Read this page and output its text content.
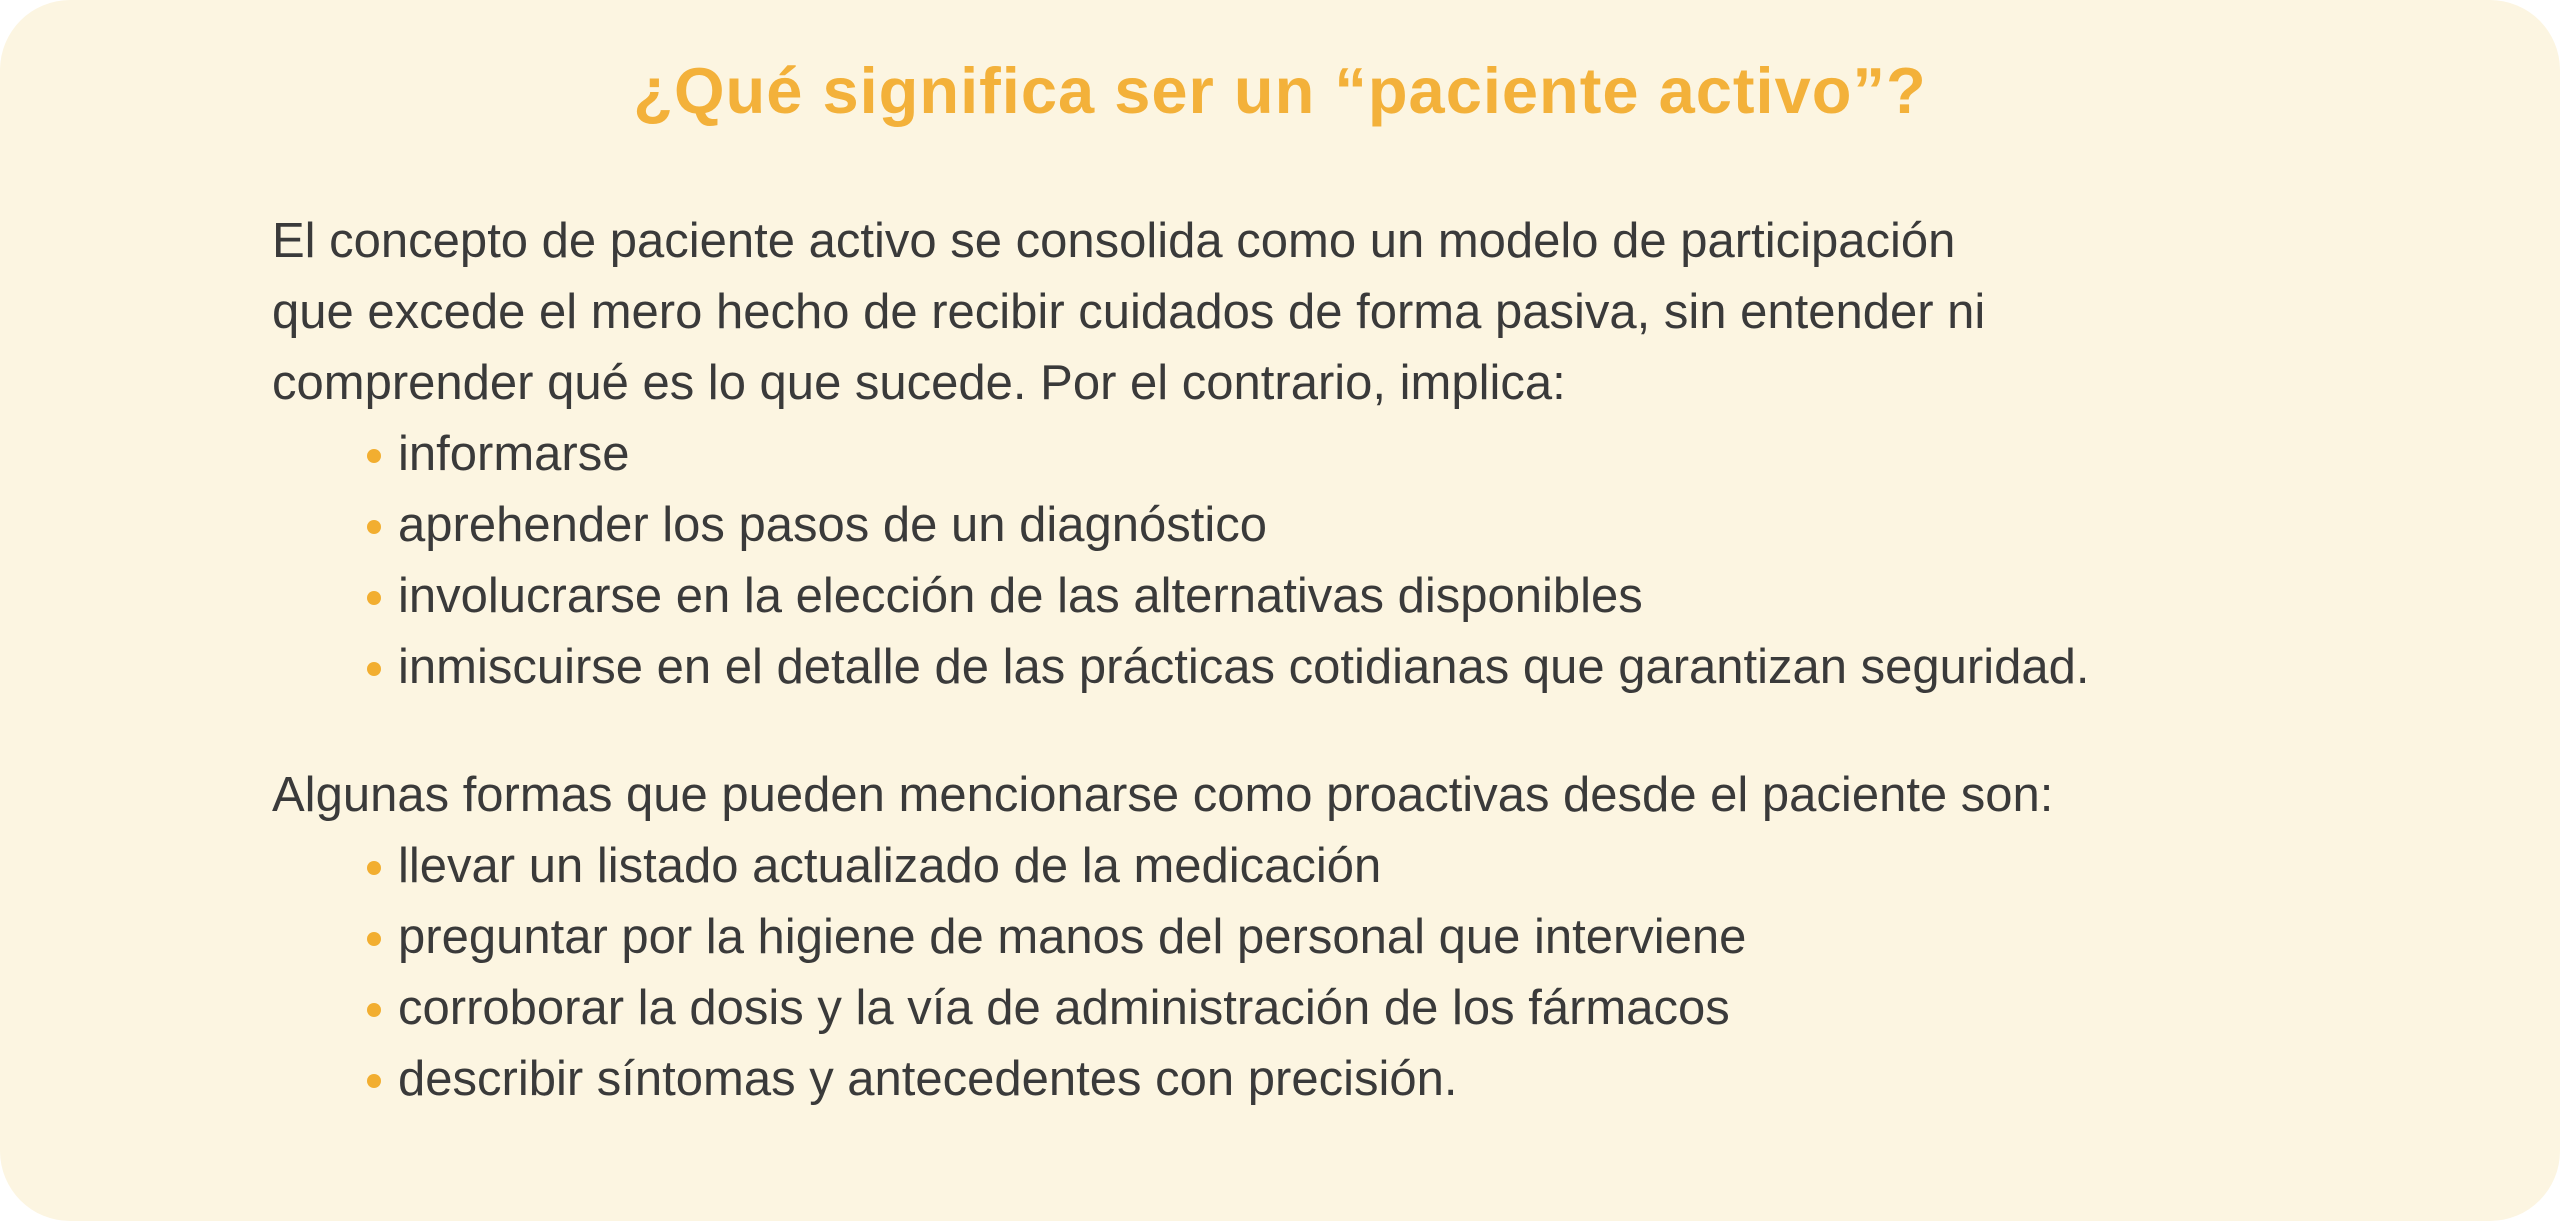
¿Qué significa ser un “paciente activo”?

El concepto de paciente activo se consolida como un modelo de participación
que excede el mero hecho de recibir cuidados de forma pasiva, sin entender ni
comprender qué es lo que sucede. Por el contrario, implica:

informarse
aprehender los pasos de un diagnóstico
involucrarse en la elección de las alternativas disponibles
inmiscuirse en el detalle de las prácticas cotidianas que garantizan seguridad.

Algunas formas que pueden mencionarse como proactivas desde el paciente son:

llevar un listado actualizado de la medicación
preguntar por la higiene de manos del personal que interviene
corroborar la dosis y la vía de administración de los fármacos
describir síntomas y antecedentes con precisión.
